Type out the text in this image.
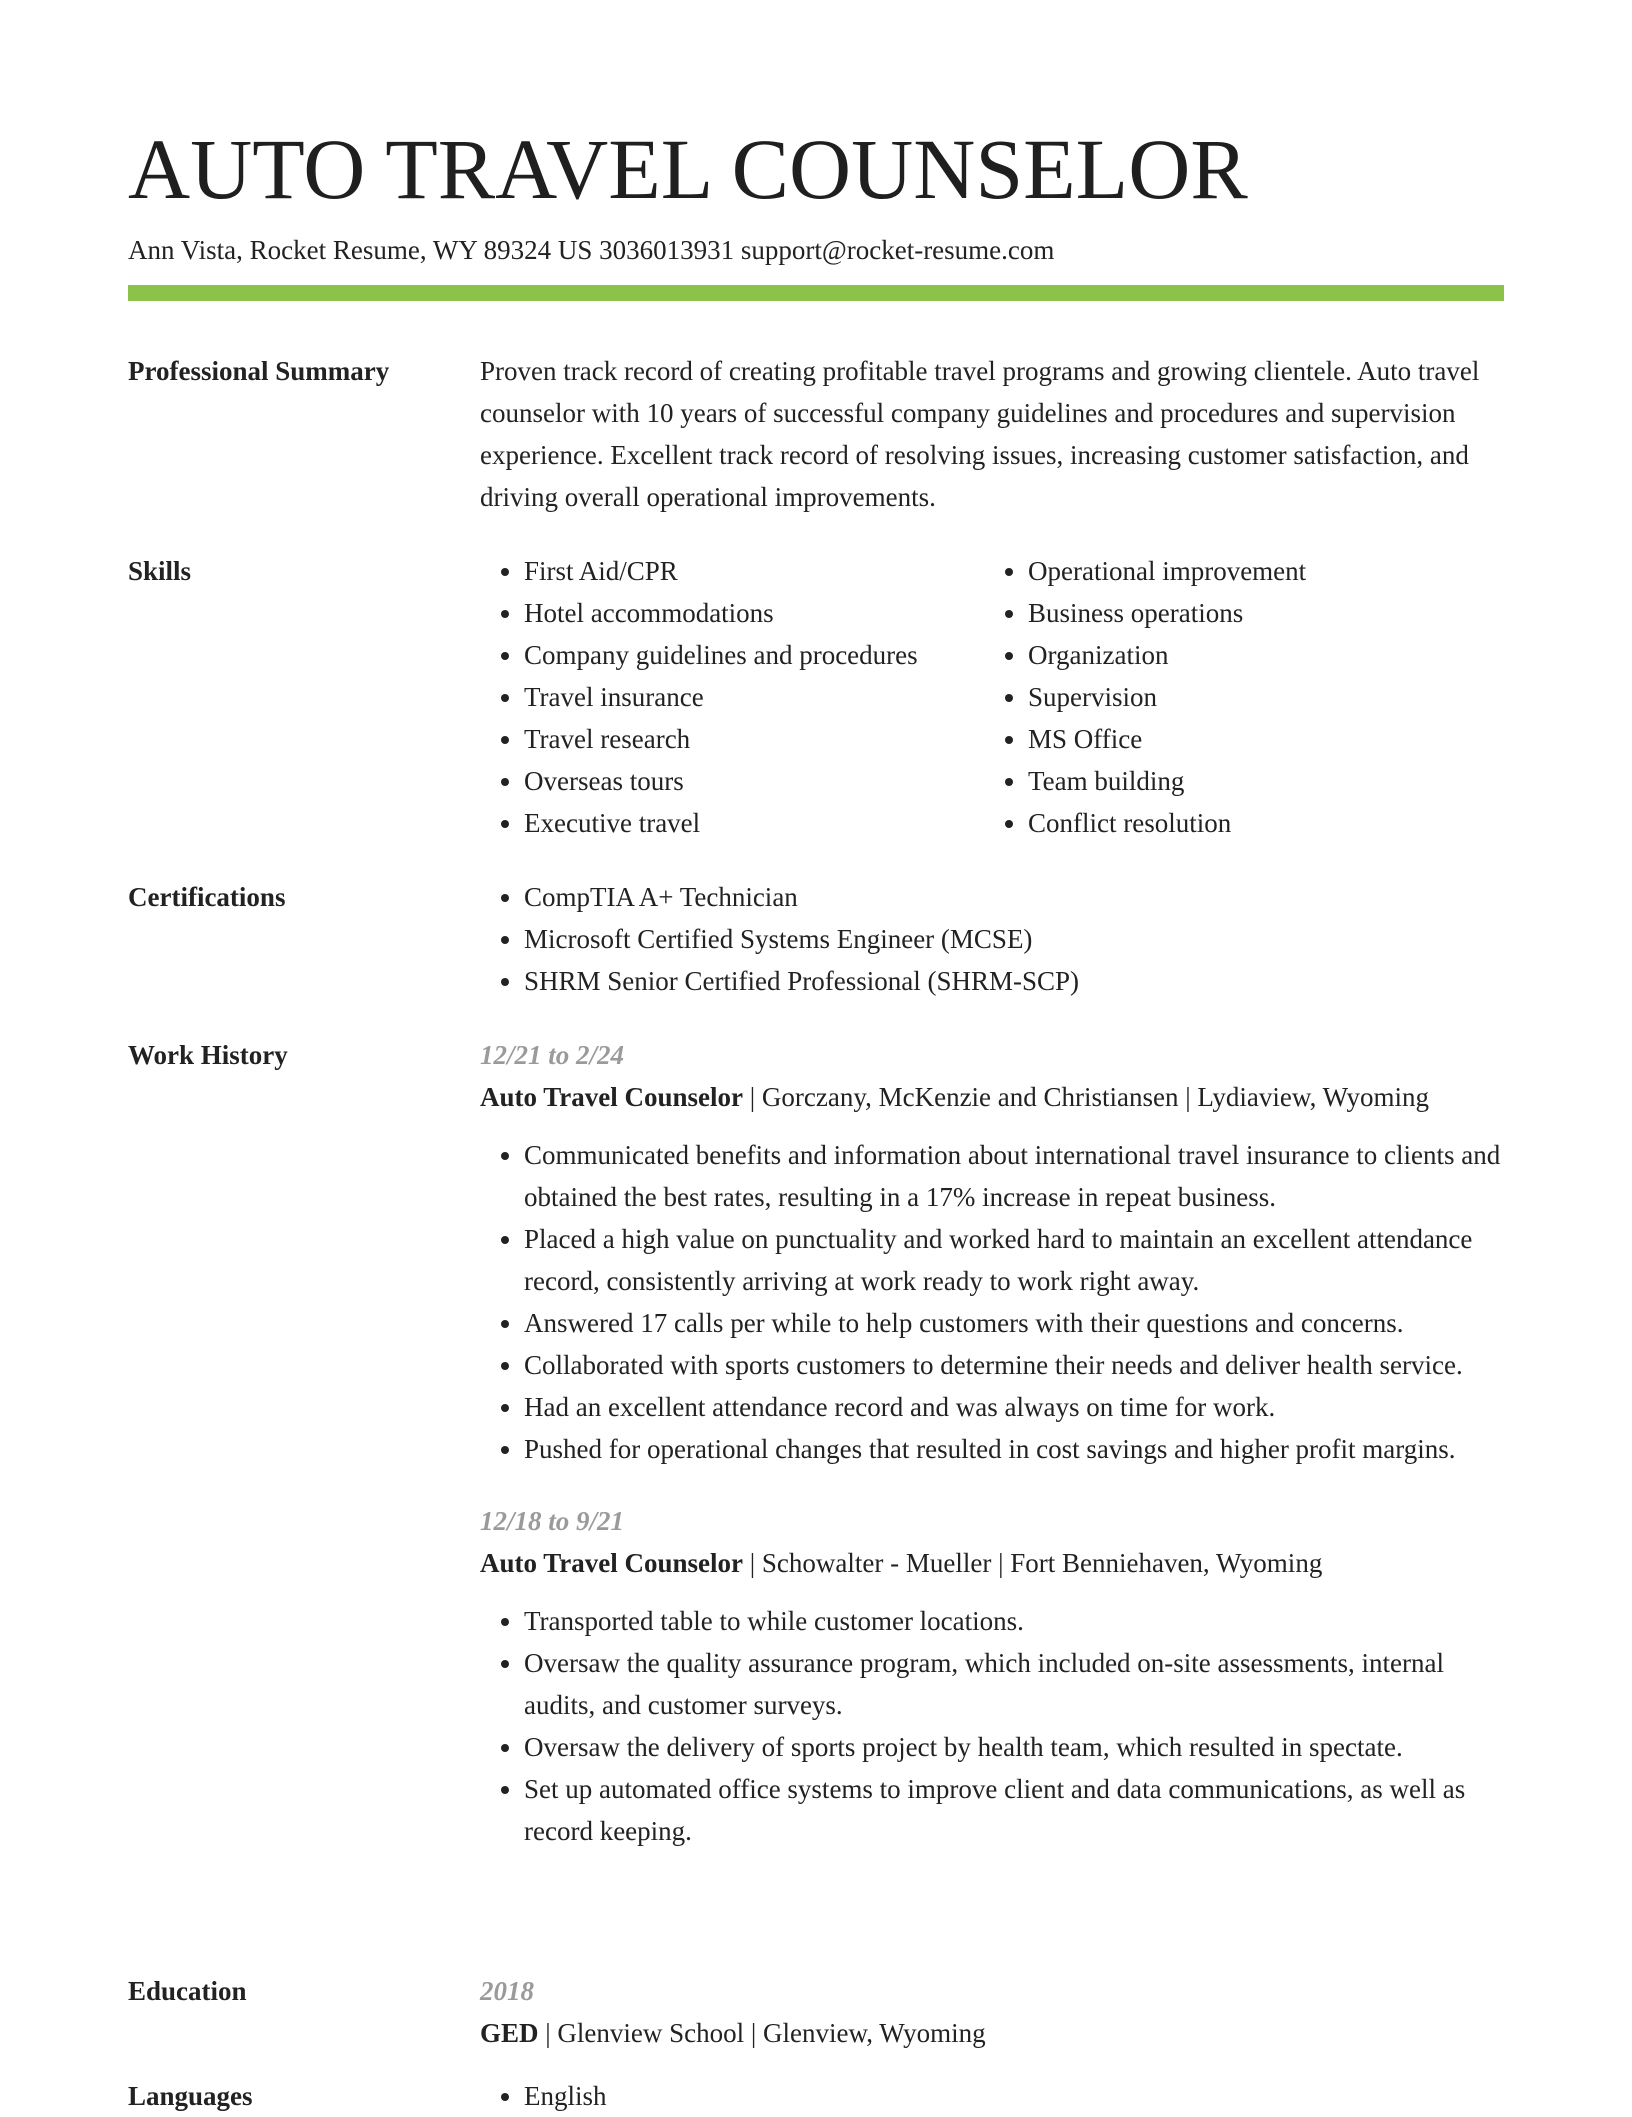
AUTO TRAVEL COUNSELOR
Ann Vista, Rocket Resume, WY 89324 US 3036013931 support@rocket-resume.com
Professional Summary	Proven track record of creating profitable travel programs and growing clientele. Auto travel counselor with 10 years of successful company guidelines and procedures and supervision experience. Excellent track record of resolving issues, increasing customer satisfaction, and driving overall operational improvements.

Skills	• First Aid/CPR
• Hotel accommodations
• Company guidelines and procedures
• Travel insurance
• Travel research
• Overseas tours
• Executive travel
• Operational improvement
• Business operations
• Organization
• Supervision
• MS Office
• Team building
• Conflict resolution
Certifications	• CompTIA A+ Technician
• Microsoft Certified Systems Engineer (MCSE)
• SHRM Senior Certified Professional (SHRM-SCP)
Work History	12/21 to 2/24
Auto Travel Counselor | Gorczany, McKenzie and Christiansen | Lydiaview, Wyoming
• Communicated benefits and information about international travel insurance to clients and obtained the best rates, resulting in a 17% increase in repeat business.
• Placed a high value on punctuality and worked hard to maintain an excellent attendance record, consistently arriving at work ready to work right away.
• Answered 17 calls per while to help customers with their questions and concerns.
• Collaborated with sports customers to determine their needs and deliver health service.
• Had an excellent attendance record and was always on time for work.
• Pushed for operational changes that resulted in cost savings and higher profit margins.
12/18 to 9/21
Auto Travel Counselor | Schowalter - Mueller | Fort Benniehaven, Wyoming
• Transported table to while customer locations.
• Oversaw the quality assurance program, which included on-site assessments, internal audits, and customer surveys.
• Oversaw the delivery of sports project by health team, which resulted in spectate.
• Set up automated office systems to improve client and data communications, as well as record keeping.
Education	2018
GED | Glenview School | Glenview, Wyoming
Languages	• English
